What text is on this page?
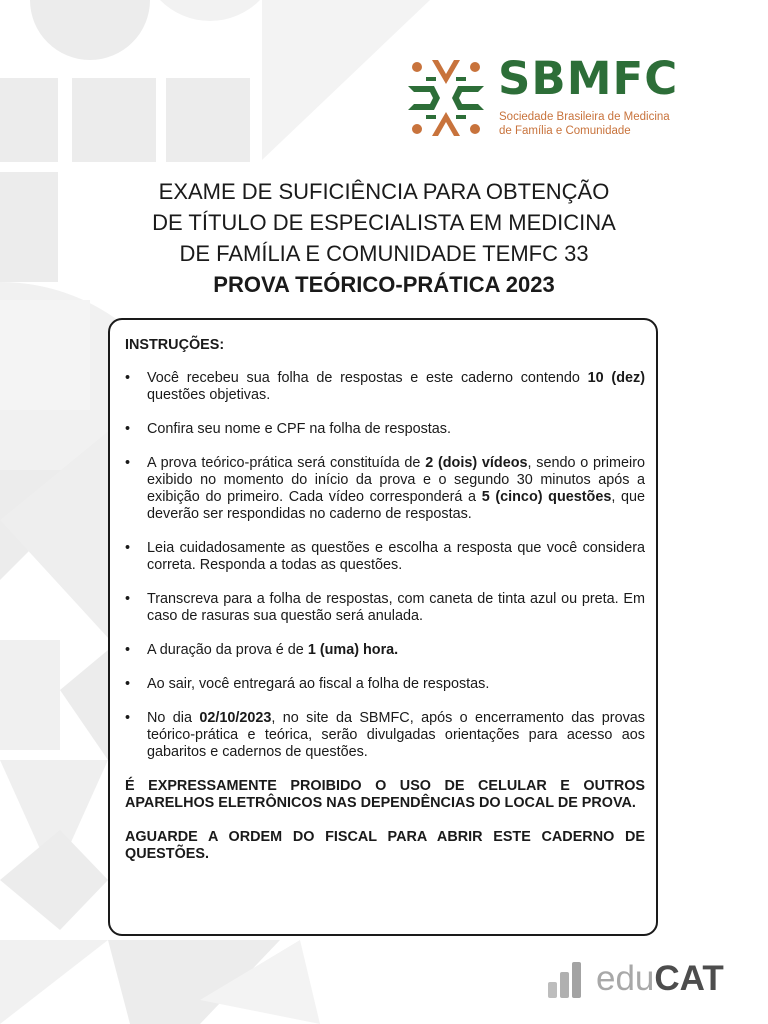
SBMFC
Sociedade Brasileira de Medicina
de Família e Comunidade
EXAME DE SUFICIÊNCIA PARA OBTENÇÃO
DE TÍTULO DE ESPECIALISTA EM MEDICINA
DE FAMÍLIA E COMUNIDADE TEMFC 33
PROVA TEÓRICO-PRÁTICA 2023
INSTRUÇÕES:
• Você recebeu sua folha de respostas e este caderno contendo 10 (dez) questões objetivas.
• Confira seu nome e CPF na folha de respostas.
• A prova teórico-prática será constituída de 2 (dois) vídeos, sendo o primeiro exibido no momento do início da prova e o segundo 30 minutos após a exibição do primeiro. Cada vídeo corresponderá a 5 (cinco) questões, que deverão ser respondidas no caderno de respostas.
• Leia cuidadosamente as questões e escolha a resposta que você considera correta. Responda a todas as questões.
• Transcreva para a folha de respostas, com caneta de tinta azul ou preta. Em caso de rasuras sua questão será anulada.
• A duração da prova é de 1 (uma) hora.
• Ao sair, você entregará ao fiscal a folha de respostas.
• No dia 02/10/2023, no site da SBMFC, após o encerramento das provas teórico-prática e teórica, serão divulgadas orientações para acesso aos gabaritos e cadernos de questões.
É EXPRESSAMENTE PROIBIDO O USO DE CELULAR E OUTROS APARELHOS ELETRÔNICOS NAS DEPENDÊNCIAS DO LOCAL DE PROVA.
AGUARDE A ORDEM DO FISCAL PARA ABRIR ESTE CADERNO DE QUESTÕES.
eduCAT
